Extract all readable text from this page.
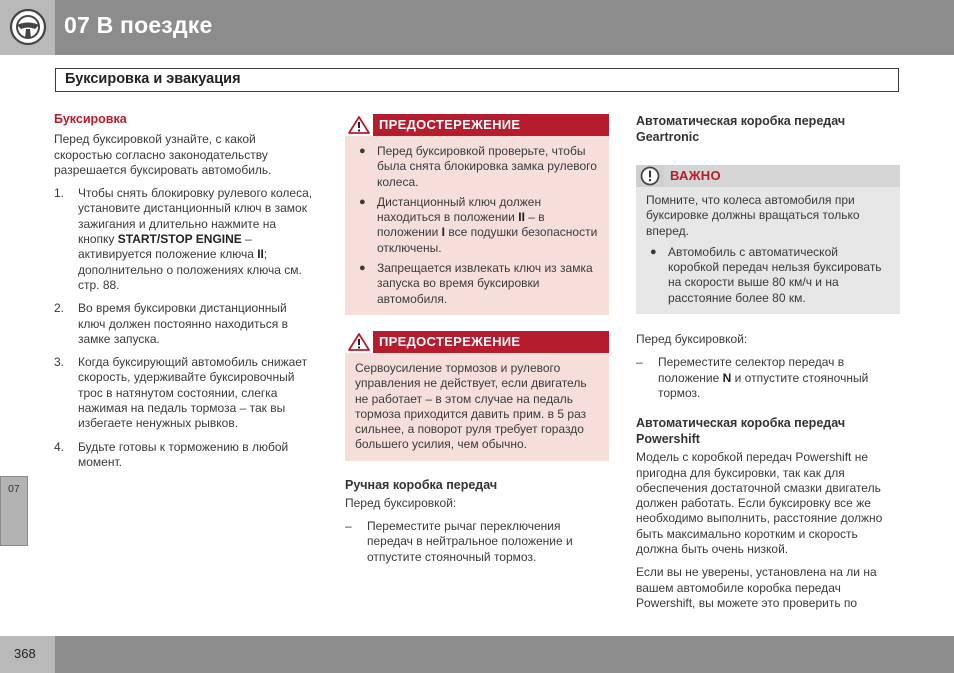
07 В поездке
Буксировка и эвакуация
Буксировка

Перед буксировкой узнайте, с какой скоростью согласно законодательству разрешается буксировать автомобиль.

1. Чтобы снять блокировку рулевого колеса, установите дистанционный ключ в замок зажигания и длительно нажмите на кнопку START/STOP ENGINE – активируется положение ключа II; дополнительно о положениях ключа см. стр. 88.
2. Во время буксировки дистанционный ключ должен постоянно находиться в замке запуска.
3. Когда буксирующий автомобиль снижает скорость, удерживайте буксировочный трос в натянутом состоянии, слегка нажимая на педаль тормоза – так вы избегаете ненужных рывков.
4. Будьте готовы к торможению в любой момент.
ПРЕДОСТЕРЕЖЕНИЕ
● Перед буксировкой проверьте, чтобы была снята блокировка замка рулевого колеса.
● Дистанционный ключ должен находиться в положении II – в положении I все подушки безопасности отключены.
● Запрещается извлекать ключ из замка запуска во время буксировки автомобиля.
ПРЕДОСТЕРЕЖЕНИЕ

Сервоусиление тормозов и рулевого управления не действует, если двигатель не работает – в этом случае на педаль тормоза приходится давить прим. в 5 раз сильнее, а поворот руля требует гораздо большего усилия, чем обычно.

Ручная коробка передач

Перед буксировкой:

– Переместите рычаг переключения передач в нейтральное положение и отпустите стояночный тормоз.
Автоматическая коробка передач Geartronic
ВАЖНО

Помните, что колеса автомобиля при буксировке должны вращаться только вперед.

● Автомобиль с автоматической коробкой передач нельзя буксировать на скорости выше 80 км/ч и на расстояние более 80 км.

Перед буксировкой:

– Переместите селектор передач в положение N и отпустите стояночный тормоз.
Автоматическая коробка передач Powershift

Модель с коробкой передач Powershift не пригодна для буксировки, так как для обеспечения достаточной смазки двигатель должен работать. Если буксировку все же необходимо выполнить, расстояние должно быть максимально коротким и скорость должна быть очень низкой.

Если вы не уверены, установлена на ли на вашем автомобиле коробка передач Powershift, вы можете это проверить по

07
368
